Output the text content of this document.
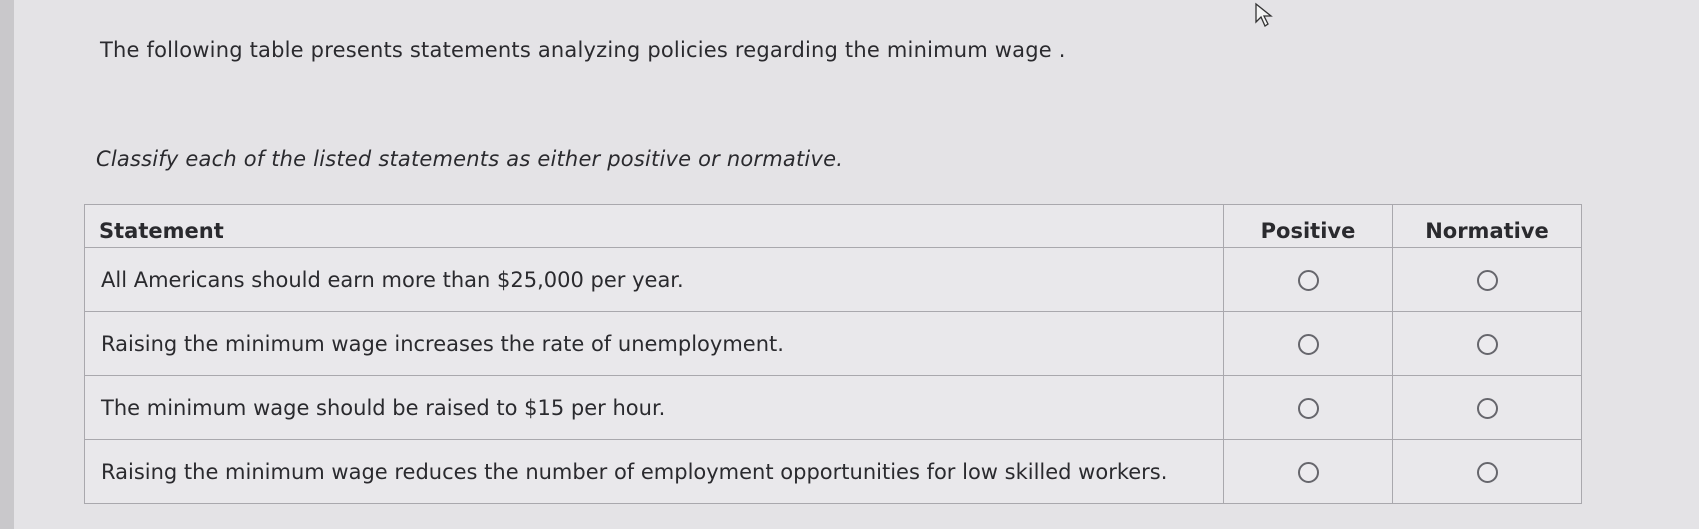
The following table presents statements analyzing policies regarding the minimum wage .
Classify each of the listed statements as either positive or normative.
Statement	Positive	Normative
All Americans should earn more than $25,000 per year.		
Raising the minimum wage increases the rate of unemployment.		
The minimum wage should be raised to $15 per hour.		
Raising the minimum wage reduces the number of employment opportunities for low skilled workers.		
